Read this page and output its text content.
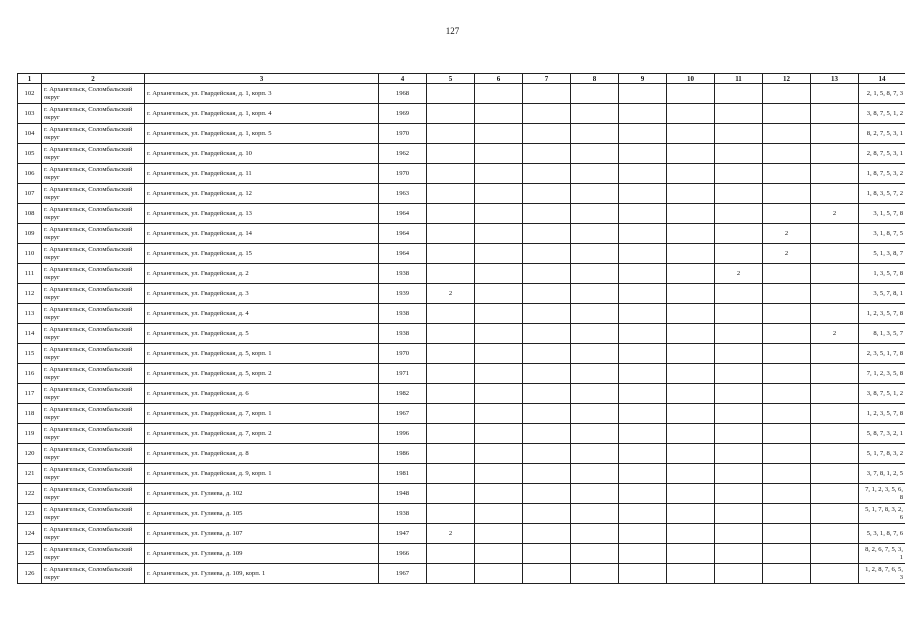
127
1	2	3	4	5	6	7	8	9	10	11	12	13	14
102	г. Архангельск, Соломбальский округ	г. Архангельск, ул. Гвардейская, д. 1, корп. 3	1968										2, 1, 5, 8, 7, 3
103	г. Архангельск, Соломбальский округ	г. Архангельск, ул. Гвардейская, д. 1, корп. 4	1969										3, 8, 7, 5, 1, 2
104	г. Архангельск, Соломбальский округ	г. Архангельск, ул. Гвардейская, д. 1, корп. 5	1970										8, 2, 7, 5, 3, 1
105	г. Архангельск, Соломбальский округ	г. Архангельск, ул. Гвардейская, д. 10	1962										2, 8, 7, 5, 3, 1
106	г. Архангельск, Соломбальский округ	г. Архангельск, ул. Гвардейская, д. 11	1970										1, 8, 7, 5, 3, 2
107	г. Архангельск, Соломбальский округ	г. Архангельск, ул. Гвардейская, д. 12	1963										1, 8, 3, 5, 7, 2
108	г. Архангельск, Соломбальский округ	г. Архангельск, ул. Гвардейская, д. 13	1964									2	3, 1, 5, 7, 8
109	г. Архангельск, Соломбальский округ	г. Архангельск, ул. Гвардейская, д. 14	1964								2		3, 1, 8, 7, 5
110	г. Архангельск, Соломбальский округ	г. Архангельск, ул. Гвардейская, д. 15	1964								2		5, 1, 3, 8, 7
111	г. Архангельск, Соломбальский округ	г. Архангельск, ул. Гвардейская, д. 2	1938							2			1, 3, 5, 7, 8
112	г. Архангельск, Соломбальский округ	г. Архангельск, ул. Гвардейская, д. 3	1939	2									3, 5, 7, 8, 1
113	г. Архангельск, Соломбальский округ	г. Архангельск, ул. Гвардейская, д. 4	1938										1, 2, 3, 5, 7, 8
114	г. Архангельск, Соломбальский округ	г. Архангельск, ул. Гвардейская, д. 5	1938									2	8, 1, 3, 5, 7
115	г. Архангельск, Соломбальский округ	г. Архангельск, ул. Гвардейская, д. 5, корп. 1	1970										2, 3, 5, 1, 7, 8
116	г. Архангельск, Соломбальский округ	г. Архангельск, ул. Гвардейская, д. 5, корп. 2	1971										7, 1, 2, 3, 5, 8
117	г. Архангельск, Соломбальский округ	г. Архангельск, ул. Гвардейская, д. 6	1982										3, 8, 7, 5, 1, 2
118	г. Архангельск, Соломбальский округ	г. Архангельск, ул. Гвардейская, д. 7, корп. 1	1967										1, 2, 3, 5, 7, 8
119	г. Архангельск, Соломбальский округ	г. Архангельск, ул. Гвардейская, д. 7, корп. 2	1996										5, 8, 7, 3, 2, 1
120	г. Архангельск, Соломбальский округ	г. Архангельск, ул. Гвардейская, д. 8	1986										5, 1, 7, 8, 3, 2
121	г. Архангельск, Соломбальский округ	г. Архангельск, ул. Гвардейская, д. 9, корп. 1	1981										3, 7, 8, 1, 2, 5
122	г. Архангельск, Соломбальский округ	г. Архангельск, ул. Гуляева, д. 102	1948										7, 1, 2, 3, 5, 6, 8
123	г. Архангельск, Соломбальский округ	г. Архангельск, ул. Гуляева, д. 105	1938										5, 1, 7, 8, 3, 2, 6
124	г. Архангельск, Соломбальский округ	г. Архангельск, ул. Гуляева, д. 107	1947	2									5, 3, 1, 8, 7, 6
125	г. Архангельск, Соломбальский округ	г. Архангельск, ул. Гуляева, д. 109	1966										8, 2, 6, 7, 5, 3, 1
126	г. Архангельск, Соломбальский округ	г. Архангельск, ул. Гуляева, д. 109, корп. 1	1967										1, 2, 8, 7, 6, 5, 3
